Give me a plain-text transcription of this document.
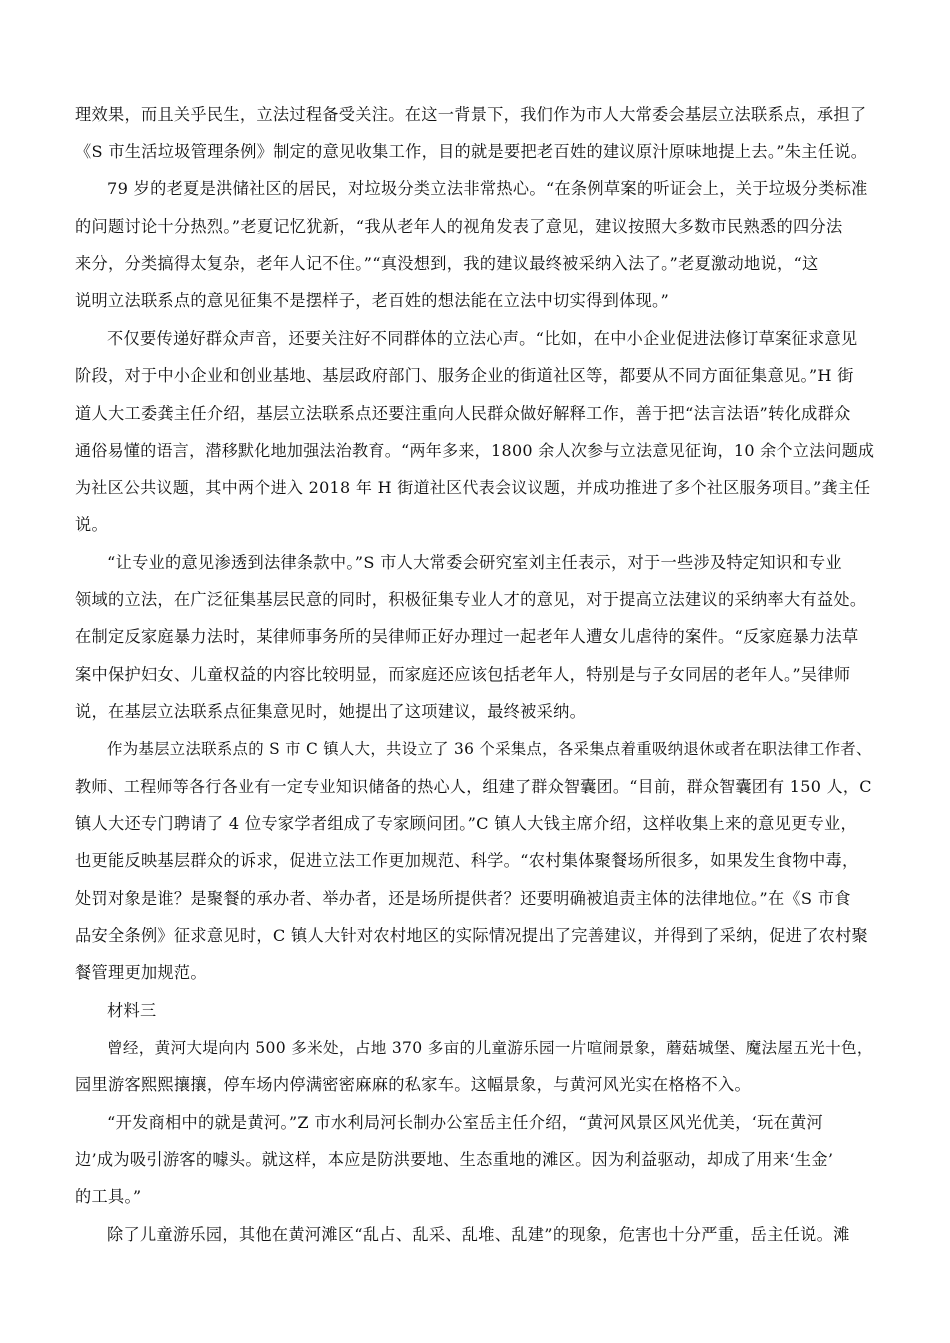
理效果，而且关乎民生，立法过程备受关注。在这一背景下，我们作为市人大常委会基层立法联系点，承担了
《S 市生活垃圾管理条例》制定的意见收集工作，目的就是要把老百姓的建议原汁原味地提上去。”朱主任说。
79 岁的老夏是洪储社区的居民，对垃圾分类立法非常热心。“在条例草案的听证会上，关于垃圾分类标准
的问题讨论十分热烈。”老夏记忆犹新，“我从老年人的视角发表了意见，建议按照大多数市民熟悉的四分法
来分，分类搞得太复杂，老年人记不住。”“真没想到，我的建议最终被采纳入法了。”老夏激动地说，“这
说明立法联系点的意见征集不是摆样子，老百姓的想法能在立法中切实得到体现。”
不仅要传递好群众声音，还要关注好不同群体的立法心声。“比如，在中小企业促进法修订草案征求意见
阶段，对于中小企业和创业基地、基层政府部门、服务企业的街道社区等，都要从不同方面征集意见。”H 街
道人大工委龚主任介绍，基层立法联系点还要注重向人民群众做好解释工作，善于把“法言法语”转化成群众
通俗易懂的语言，潜移默化地加强法治教育。“两年多来，1800 余人次参与立法意见征询，10 余个立法问题成
为社区公共议题，其中两个进入 2018 年 H 街道社区代表会议议题，并成功推进了多个社区服务项目。”龚主任
说。
“让专业的意见渗透到法律条款中。”S 市人大常委会研究室刘主任表示，对于一些涉及特定知识和专业
领域的立法，在广泛征集基层民意的同时，积极征集专业人才的意见，对于提高立法建议的采纳率大有益处。
在制定反家庭暴力法时，某律师事务所的吴律师正好办理过一起老年人遭女儿虐待的案件。“反家庭暴力法草
案中保护妇女、儿童权益的内容比较明显，而家庭还应该包括老年人，特别是与子女同居的老年人。”吴律师
说，在基层立法联系点征集意见时，她提出了这项建议，最终被采纳。
作为基层立法联系点的 S 市 C 镇人大，共设立了 36 个采集点，各采集点着重吸纳退休或者在职法律工作者、
教师、工程师等各行各业有一定专业知识储备的热心人，组建了群众智囊团。“目前，群众智囊团有 150 人，C
镇人大还专门聘请了 4 位专家学者组成了专家顾问团。”C 镇人大钱主席介绍，这样收集上来的意见更专业，
也更能反映基层群众的诉求，促进立法工作更加规范、科学。“农村集体聚餐场所很多，如果发生食物中毒，
处罚对象是谁？是聚餐的承办者、举办者，还是场所提供者？还要明确被追责主体的法律地位。”在《S 市食
品安全条例》征求意见时，C 镇人大针对农村地区的实际情况提出了完善建议，并得到了采纳，促进了农村聚
餐管理更加规范。
材料三
曾经，黄河大堤向内 500 多米处，占地 370 多亩的儿童游乐园一片喧闹景象，蘑菇城堡、魔法屋五光十色，
园里游客熙熙攘攘，停车场内停满密密麻麻的私家车。这幅景象，与黄河风光实在格格不入。
“开发商相中的就是黄河。”Z 市水利局河长制办公室岳主任介绍，“黄河风景区风光优美，‘玩在黄河
边’成为吸引游客的噱头。就这样，本应是防洪要地、生态重地的滩区。因为利益驱动，却成了用来‘生金’
的工具。”
除了儿童游乐园，其他在黄河滩区“乱占、乱采、乱堆、乱建”的现象，危害也十分严重，岳主任说。滩
